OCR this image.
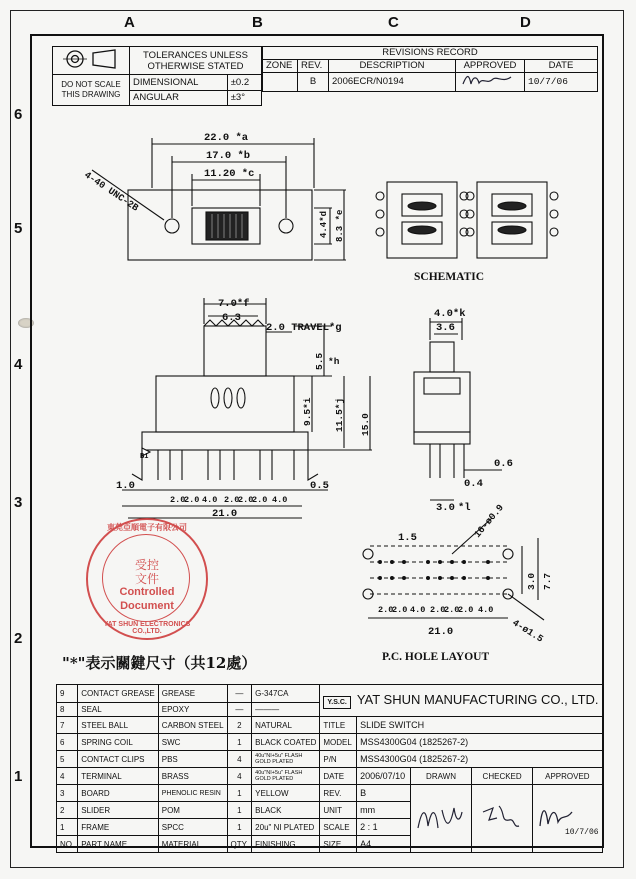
A	B	C	D
6
5
4
3
2
1

TOLERANCES UNLESS
OTHERWISE STATED	

DO NOT SCALE
THIS DRAWING	DIMENSIONAL	±0.2
	ANGULAR	±3°
REVISIONS RECORD				
ZONE	REV.	DESCRIPTION	APPROVED	DATE
	B	2006ECR/N0194		10/7/06
22.0 *a
17.0 *b
11.20 *c
4-40 UNC-2B
4.4*d 8.3 *e
SCHEMATIC
7.0*f
6.3
2.0 TRAVEL*g
5.5 *h
9.5*i 11.5*j 15.0
B1
1.0	0.5
2.0
2.0 4.0 2.0
2.0
2.0 4.0
21.0
4.0*k
3.6
0.6
0.4
3.0 *l
1.5	16-ø0.9
4-ø1.5
3.0 7.7
2.0
2.0 4.0 2.0
2.0
2.0 4.0
21.0
P.C. HOLE LAYOUT
東莞亞順電子有限公司
YAT SHUN ELECTRONICS CO.,LTD.
受控
文件
Controlled
Document
"*"表示關鍵尺寸（共12處）
9	CONTACT GREASE	GREASE	—	G-347CA	Y.S.C. YAT SHUN MANUFACTURING CO., LTD.				
8	SEAL	EPOXY	—	———					
7	STEEL BALL	CARBON STEEL	2	NATURAL	TITLE	SLIDE SWITCH			
6	SPRING COIL	SWC	1	BLACK COATED	MODEL	MSS4300G04 (1825267-2)			
5	CONTACT CLIPS	PBS	4	40u"NI+5u" FLASH GOLD PLATED	P/N	MSS4300G04 (1825267-2)			
4	TERMINAL	BRASS	4	40u"NI+5u" FLASH GOLD PLATED	DATE	2006/07/10	DRAWN	CHECKED	APPROVED
3	BOARD	PHENOLIC RESIN	1	YELLOW	REV.	B			10/7/06

2	SLIDER	POM	1	BLACK	UNIT	mm			
1	FRAME	SPCC	1	20u" NI PLATED	SCALE	2 : 1			
NO.	PART NAME	MATERIAL	QTY.	FINISHING	SIZE	A4			
